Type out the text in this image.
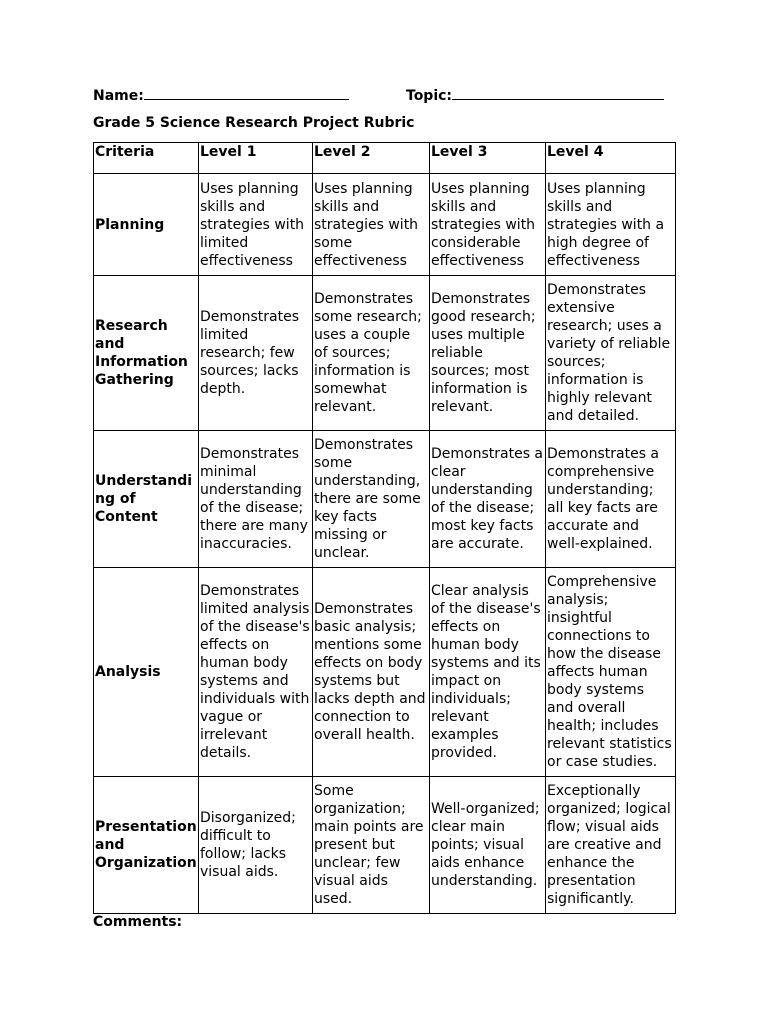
Name:	Topic:
Grade 5 Science Research Project Rubric
Criteria	Level 1	Level 2	Level 3	Level 4
Planning	Uses planning skills and strategies with limited effectiveness	Uses planning skills and strategies with some effectiveness	Uses planning skills and strategies with considerable effectiveness	Uses planning skills and strategies with a high degree of effectiveness
Research and Information Gathering	Demonstrates limited research; few sources; lacks depth.	Demonstrates some research; uses a couple of sources; information is somewhat relevant.	Demonstrates good research; uses multiple reliable sources; most information is relevant.	Demonstrates extensive research; uses a variety of reliable sources; information is highly relevant and detailed.
Understanding of Content	Demonstrates minimal understanding of the disease; there are many inaccuracies.	Demonstrates some understanding, there are some key facts missing or unclear.	Demonstrates a clear understanding of the disease; most key facts are accurate.	Demonstrates a comprehensive understanding; all key facts are accurate and well-explained.
Analysis	Demonstrates limited analysis of the disease's effects on human body systems and individuals with vague or irrelevant details.	Demonstrates basic analysis; mentions some effects on body systems but lacks depth and connection to overall health.	Clear analysis of the disease's effects on human body systems and its impact on individuals; relevant examples provided.	Comprehensive analysis; insightful connections to how the disease affects human body systems and overall health; includes relevant statistics or case studies.
Presentation and Organization	Disorganized; difficult to follow; lacks visual aids.	Some organization; main points are present but unclear; few visual aids used.	Well-organized; clear main points; visual aids enhance understanding.	Exceptionally organized; logical flow; visual aids are creative and enhance the presentation significantly.
Comments:
